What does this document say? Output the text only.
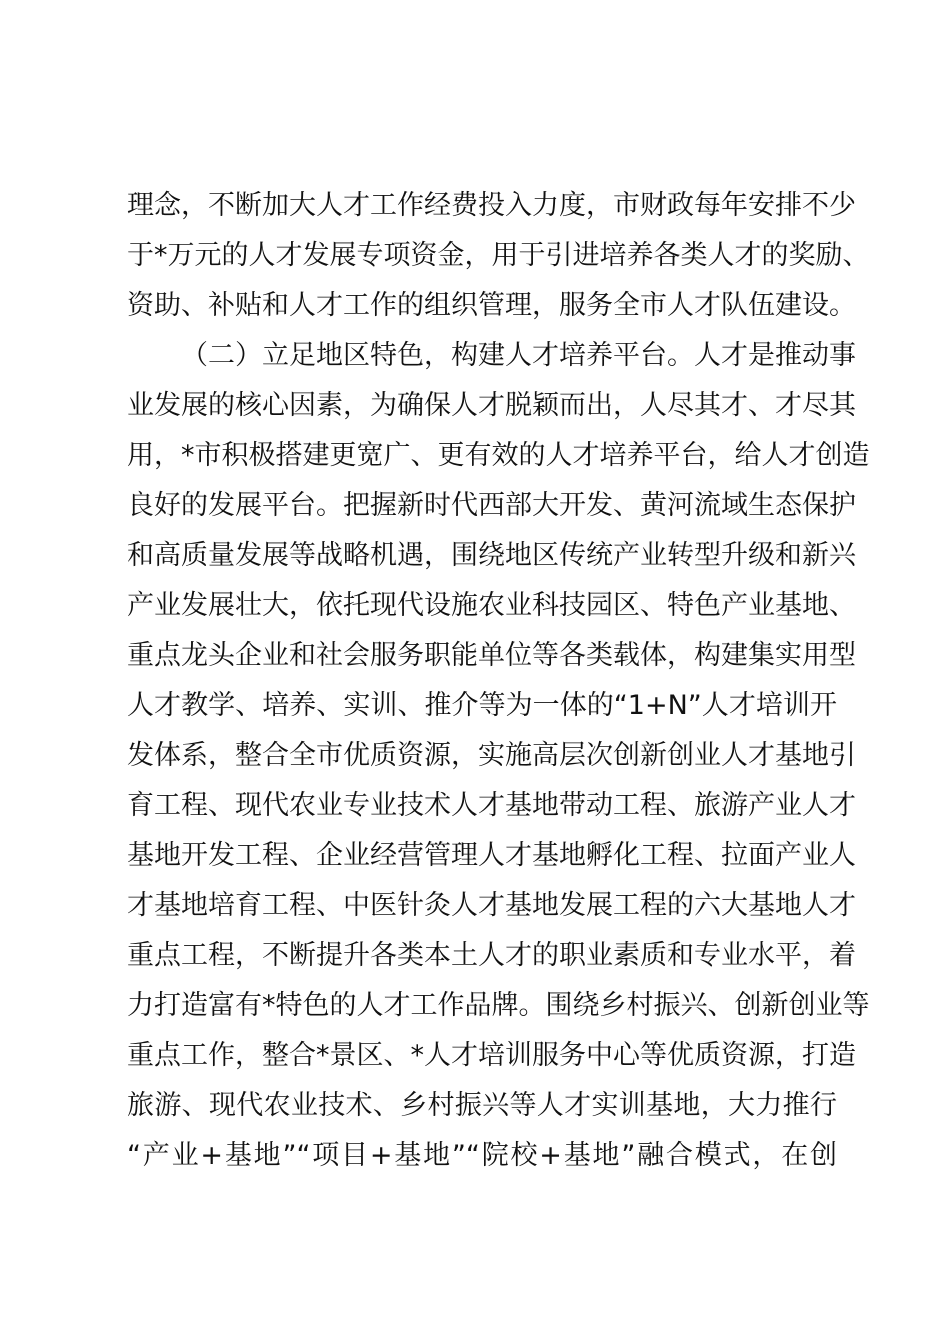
理念，不断加大人才工作经费投入力度，市财政每年安排不少
于*万元的人才发展专项资金，用于引进培养各类人才的奖励、
资助、补贴和人才工作的组织管理，服务全市人才队伍建设。
（二）立足地区特色，构建人才培养平台。人才是推动事
业发展的核心因素，为确保人才脱颖而出，人尽其才、才尽其
用，*市积极搭建更宽广、更有效的人才培养平台，给人才创造
良好的发展平台。把握新时代西部大开发、黄河流域生态保护
和高质量发展等战略机遇，围绕地区传统产业转型升级和新兴
产业发展壮大，依托现代设施农业科技园区、特色产业基地、
重点龙头企业和社会服务职能单位等各类载体，构建集实用型
人才教学、培养、实训、推介等为一体的“1+N”人才培训开
发体系，整合全市优质资源，实施高层次创新创业人才基地引
育工程、现代农业专业技术人才基地带动工程、旅游产业人才
基地开发工程、企业经营管理人才基地孵化工程、拉面产业人
才基地培育工程、中医针灸人才基地发展工程的六大基地人才
重点工程，不断提升各类本土人才的职业素质和专业水平，着
力打造富有*特色的人才工作品牌。围绕乡村振兴、创新创业等
重点工作，整合*景区、*人才培训服务中心等优质资源，打造
旅游、现代农业技术、乡村振兴等人才实训基地，大力推行
“产业+基地”“项目+基地”“院校+基地”融合模式，在创
